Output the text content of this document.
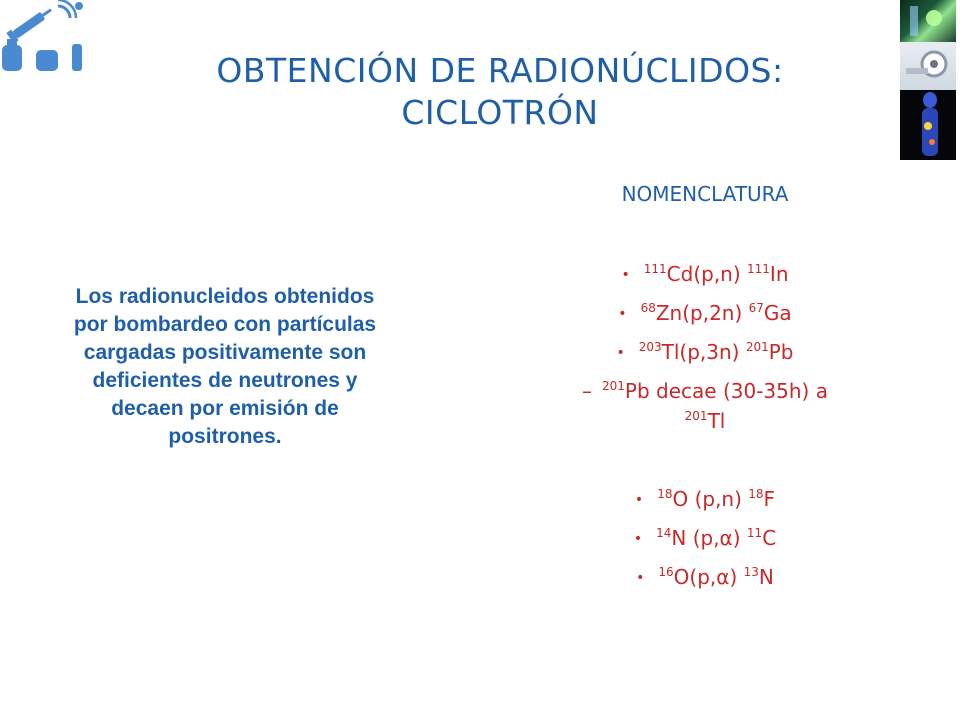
OBTENCIÓN DE RADIONÚCLIDOS:
CICLOTRÓN
Los radionucleidos obtenidos por bombardeo con partículas cargadas positivamente son deficientes de neutrones y decaen por emisión de positrones.
NOMENCLATURA
• $^{111}$Cd(p,n) $^{111}$In
• $^{68}$Zn(p,2n) $^{67}$Ga
• $^{203}$Tl(p,3n) $^{201}$Pb
– $^{201}$Pb decae (30-35h) a
$^{201}$Tl
• $^{18}$O (p,n) $^{18}$F
• $^{14}$N (p,α) $^{11}$C
• $^{16}$O(p,α) $^{13}$N
